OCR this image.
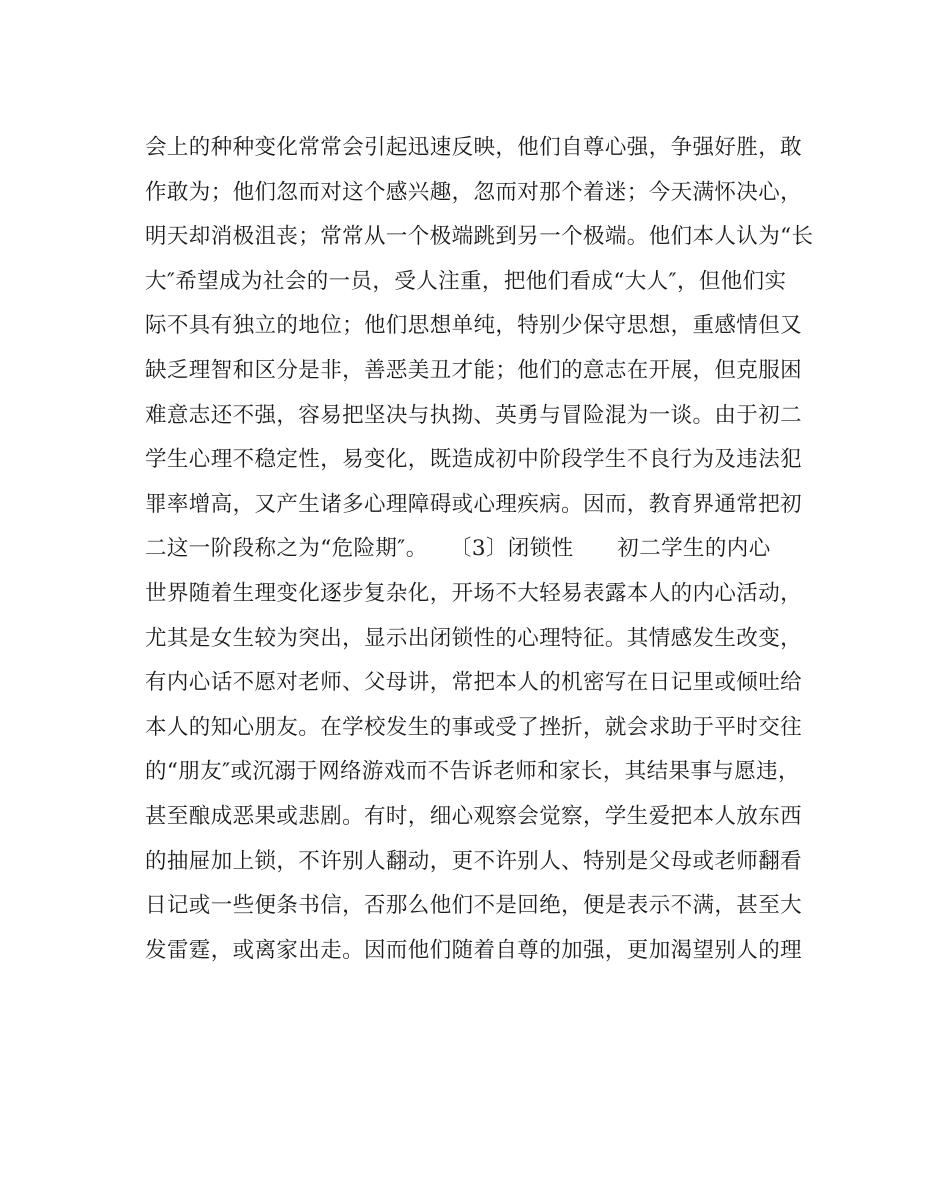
会上的种种变化常常会引起迅速反映，他们自尊心强，争强好胜，敢
作敢为；他们忽而对这个感兴趣，忽而对那个着迷；今天满怀决心，
明天却消极沮丧；常常从一个极端跳到另一个极端。他们本人认为“长
大″希望成为社会的一员，受人注重，把他们看成“大人″，但他们实
际不具有独立的地位；他们思想单纯，特别少保守思想，重感情但又
缺乏理智和区分是非，善恶美丑才能；他们的意志在开展，但克服困
难意志还不强，容易把坚决与执拗、英勇与冒险混为一谈。由于初二
学生心理不稳定性，易变化，既造成初中阶段学生不良行为及违法犯
罪率增高，又产生诸多心理障碍或心理疾病。因而，教育界通常把初
二这一阶段称之为“危险期″。　　〔3〕闭锁性　　初二学生的内心
世界随着生理变化逐步复杂化，开场不大轻易表露本人的内心活动，
尤其是女生较为突出，显示出闭锁性的心理特征。其情感发生改变，
有内心话不愿对老师、父母讲，常把本人的机密写在日记里或倾吐给
本人的知心朋友。在学校发生的事或受了挫折，就会求助于平时交往
的“朋友″或沉溺于网络游戏而不告诉老师和家长，其结果事与愿违，
甚至酿成恶果或悲剧。有时，细心观察会觉察，学生爱把本人放东西
的抽屉加上锁，不许别人翻动，更不许别人、特别是父母或老师翻看
日记或一些便条书信，否那么他们不是回绝，便是表示不满，甚至大
发雷霆，或离家出走。因而他们随着自尊的加强，更加渴望别人的理
